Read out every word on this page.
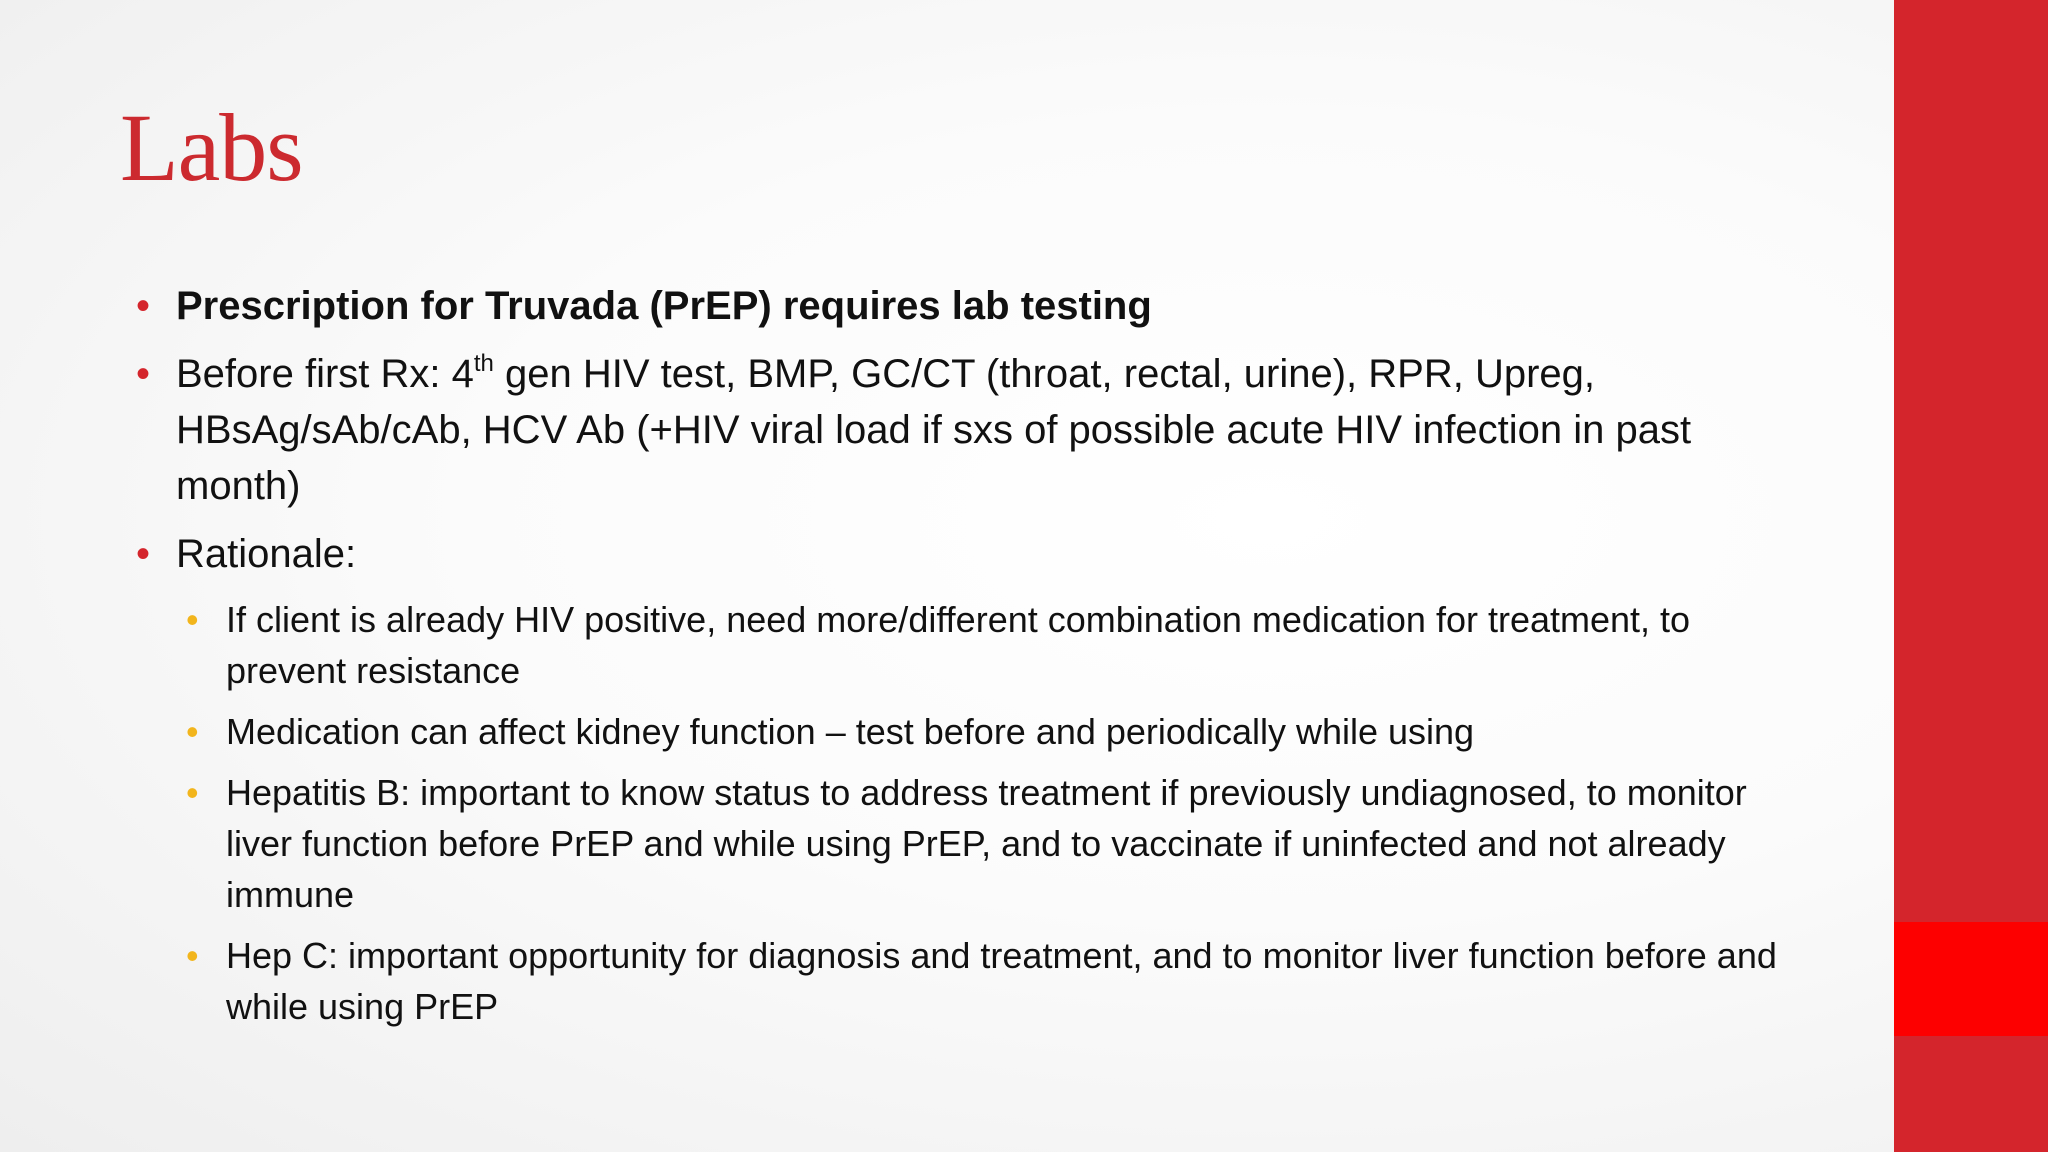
Labs
• Prescription for Truvada (PrEP) requires lab testing
• Before first Rx: 4th gen HIV test, BMP, GC/CT (throat, rectal, urine), RPR, Upreg, HBsAg/sAb/cAb, HCV Ab (+HIV viral load if sxs of possible acute HIV infection in past month)
• Rationale:
• If client is already HIV positive, need more/different combination medication for treatment, to prevent resistance
• Medication can affect kidney function – test before and periodically while using
• Hepatitis B: important to know status to address treatment if previously undiagnosed, to monitor liver function before PrEP and while using PrEP, and to vaccinate if uninfected and not already immune
• Hep C: important opportunity for diagnosis and treatment, and to monitor liver function before and while using PrEP
